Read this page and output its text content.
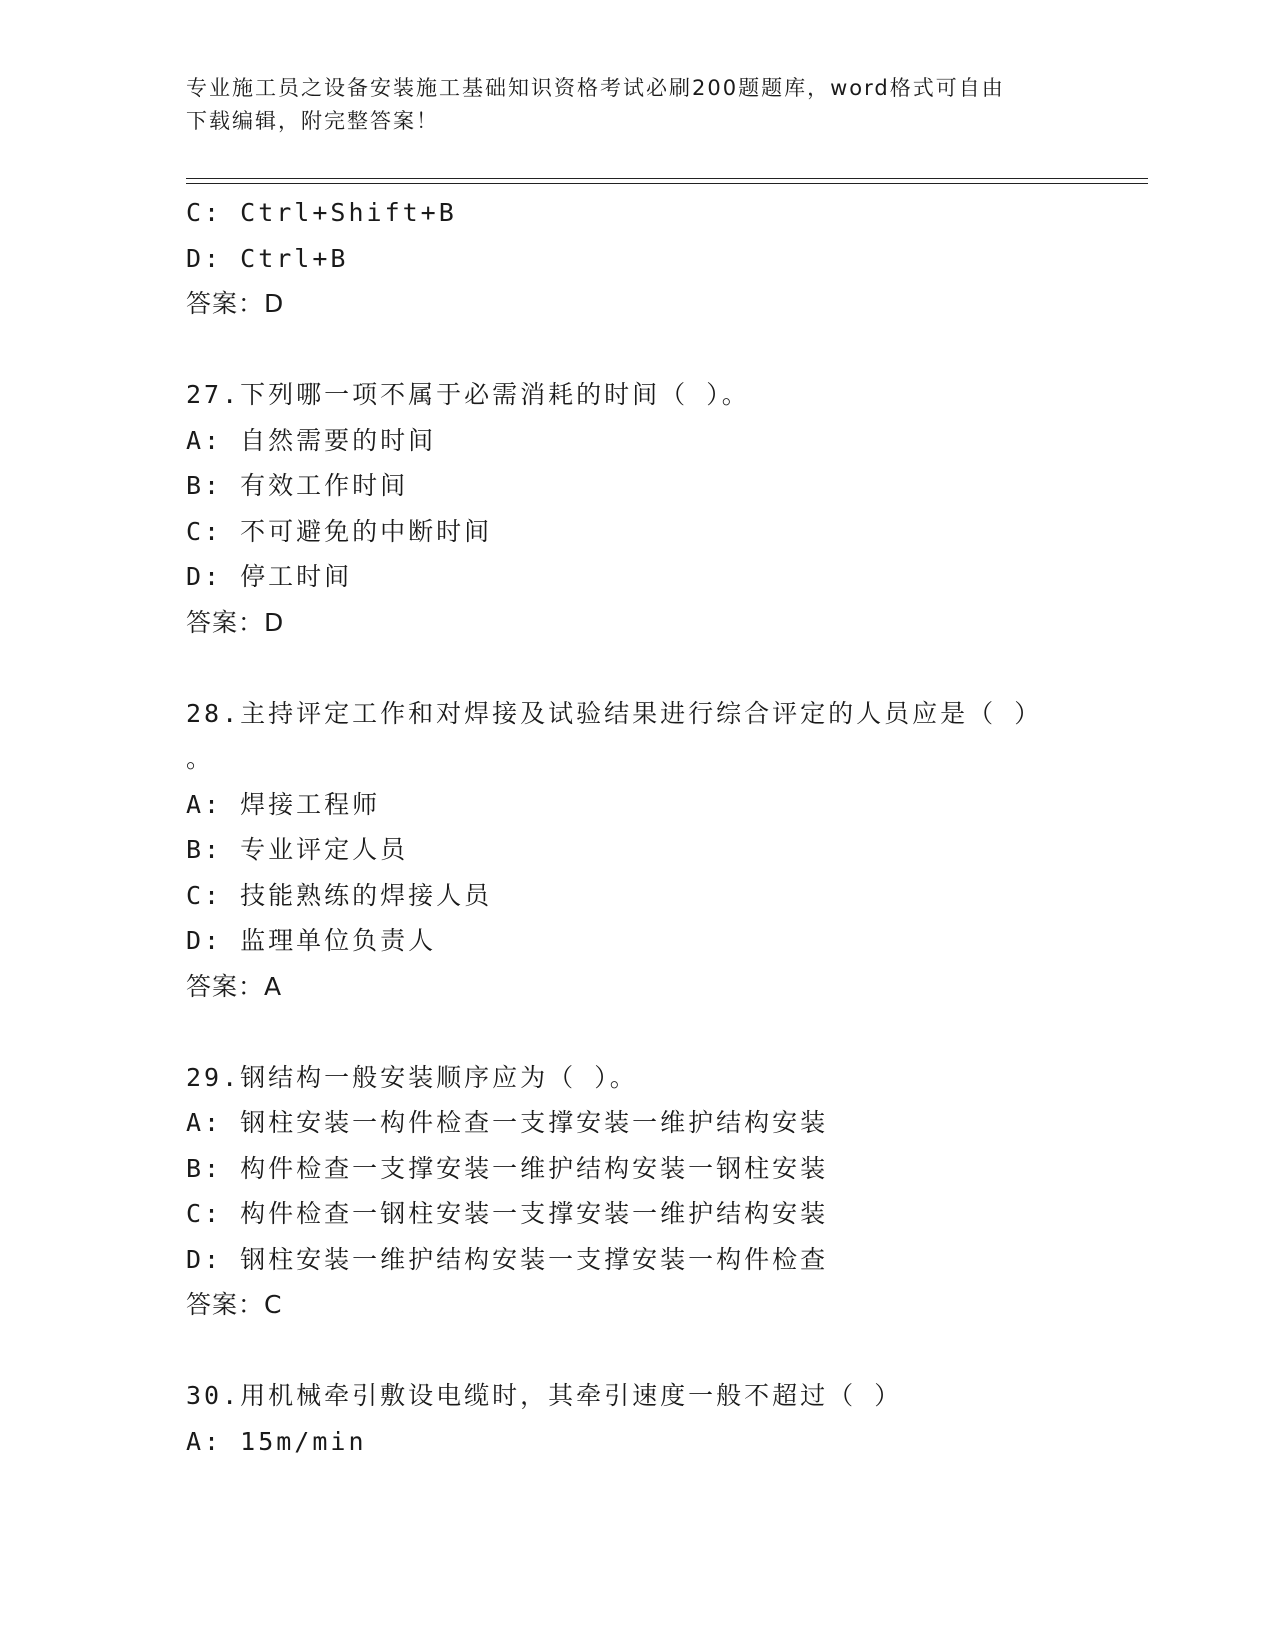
专业施工员之设备安装施工基础知识资格考试必刷200题题库，word格式可自由
下载编辑，附完整答案！
C: Ctrl+Shift+B
D: Ctrl+B
答案：D
27.下列哪一项不属于必需消耗的时间（ ）。
A: 自然需要的时间
B: 有效工作时间
C: 不可避免的中断时间
D: 停工时间
答案：D
28.主持评定工作和对焊接及试验结果进行综合评定的人员应是（ ）
。
A: 焊接工程师
B: 专业评定人员
C: 技能熟练的焊接人员
D: 监理单位负责人
答案：A
29.钢结构一般安装顺序应为（ ）。
A: 钢柱安装一构件检查一支撑安装一维护结构安装
B: 构件检查一支撑安装一维护结构安装一钢柱安装
C: 构件检查一钢柱安装一支撑安装一维护结构安装
D: 钢柱安装一维护结构安装一支撑安装一构件检查
答案：C
30.用机械牵引敷设电缆时，其牵引速度一般不超过（ ）
A: 15m/min
